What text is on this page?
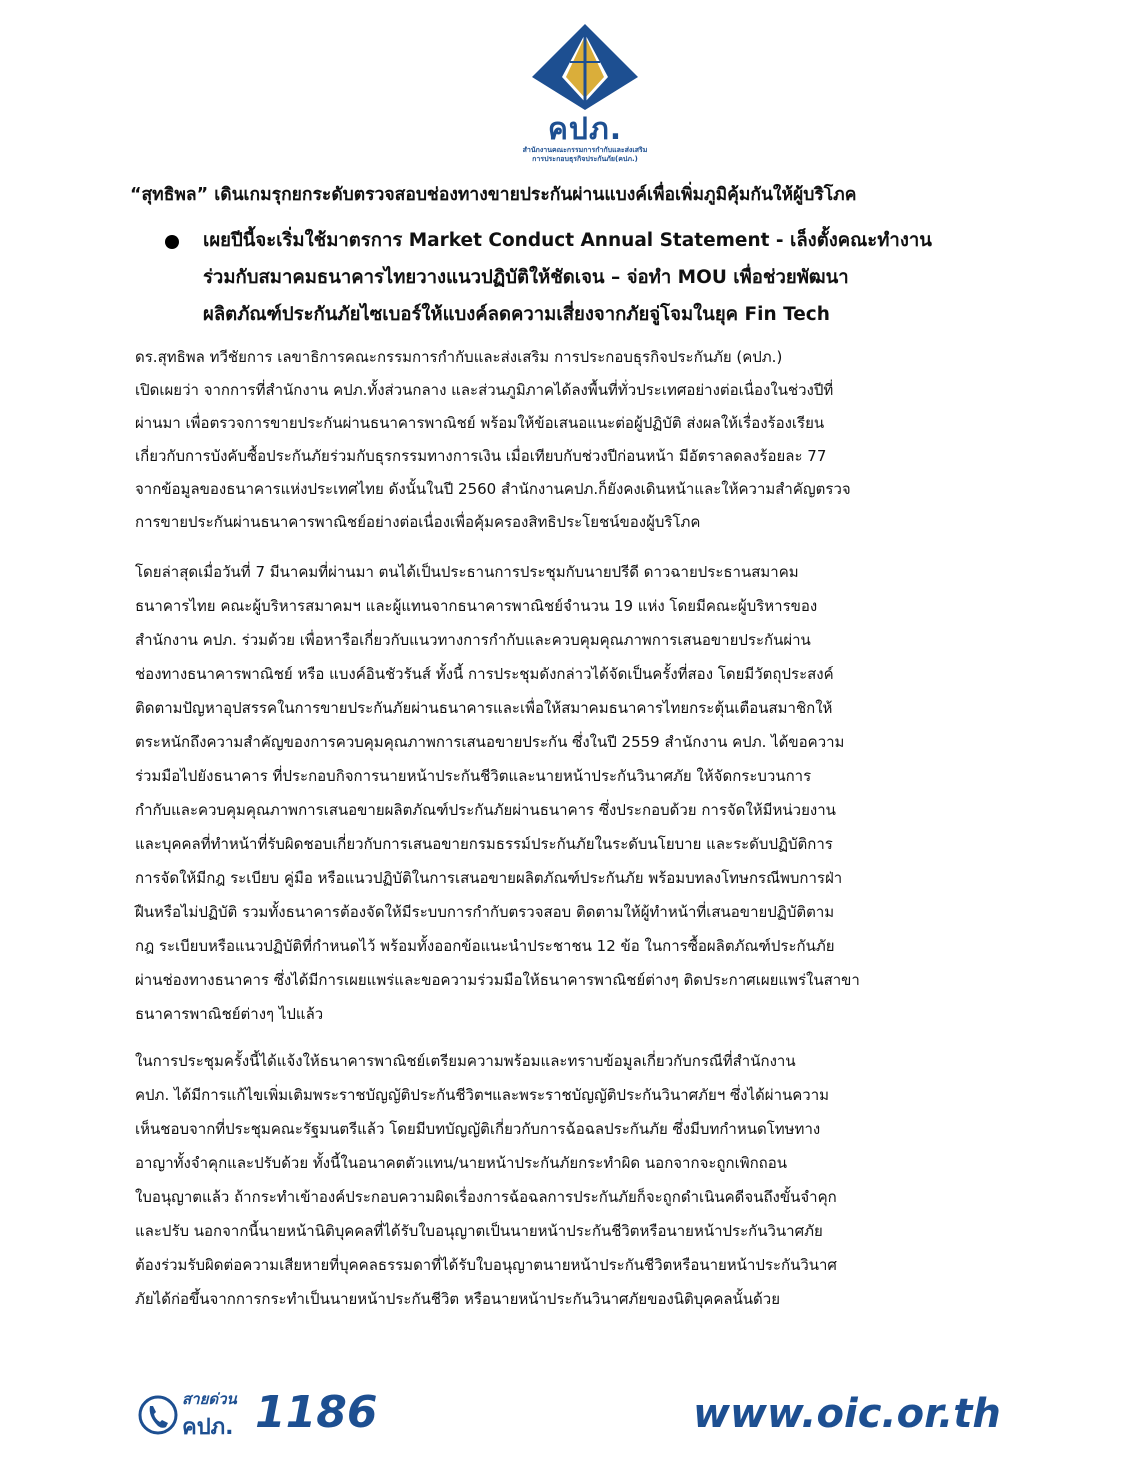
คปภ.
สำนักงานคณะกรรมการกำกับและส่งเสริม
การประกอบธุรกิจประกันภัย(คปภ.)
“สุทธิพล” เดินเกมรุกยกระดับตรวจสอบช่องทางขายประกันผ่านแบงค์เพื่อเพิ่มภูมิคุ้มกันให้ผู้บริโภค
เผยปีนี้จะเริ่มใช้มาตรการ Market Conduct Annual Statement - เล็งตั้งคณะทำงาน
ร่วมกับสมาคมธนาคารไทยวางแนวปฏิบัติให้ชัดเจน – จ่อทำ MOU เพื่อช่วยพัฒนา
ผลิตภัณฑ์ประกันภัยไซเบอร์ให้แบงค์ลดความเสี่ยงจากภัยจู่โจมในยุค Fin Tech
ดร.สุทธิพล ทวีชัยการ เลขาธิการคณะกรรมการกำกับและส่งเสริม การประกอบธุรกิจประกันภัย (คปภ.)
เปิดเผยว่า จากการที่สำนักงาน คปภ.ทั้งส่วนกลาง และส่วนภูมิภาคได้ลงพื้นที่ทั่วประเทศอย่างต่อเนื่องในช่วงปีที่
ผ่านมา เพื่อตรวจการขายประกันผ่านธนาคารพาณิชย์ พร้อมให้ข้อเสนอแนะต่อผู้ปฏิบัติ ส่งผลให้เรื่องร้องเรียน
เกี่ยวกับการบังคับซื้อประกันภัยร่วมกับธุรกรรมทางการเงิน เมื่อเทียบกับช่วงปีก่อนหน้า มีอัตราลดลงร้อยละ 77
จากข้อมูลของธนาคารแห่งประเทศไทย ดังนั้นในปี 2560 สำนักงานคปภ.ก็ยังคงเดินหน้าและให้ความสำคัญตรวจ
การขายประกันผ่านธนาคารพาณิชย์อย่างต่อเนื่องเพื่อคุ้มครองสิทธิประโยชน์ของผู้บริโภค
โดยล่าสุดเมื่อวันที่ 7 มีนาคมที่ผ่านมา ตนได้เป็นประธานการประชุมกับนายปรีดี ดาวฉายประธานสมาคม
ธนาคารไทย คณะผู้บริหารสมาคมฯ และผู้แทนจากธนาคารพาณิชย์จำนวน 19 แห่ง โดยมีคณะผู้บริหารของ
สำนักงาน คปภ. ร่วมด้วย เพื่อหารือเกี่ยวกับแนวทางการกำกับและควบคุมคุณภาพการเสนอขายประกันผ่าน
ช่องทางธนาคารพาณิชย์ หรือ แบงค์อินชัวรันส์ ทั้งนี้ การประชุมดังกล่าวได้จัดเป็นครั้งที่สอง โดยมีวัตถุประสงค์
ติดตามปัญหาอุปสรรคในการขายประกันภัยผ่านธนาคารและเพื่อให้สมาคมธนาคารไทยกระตุ้นเตือนสมาชิกให้
ตระหนักถึงความสำคัญของการควบคุมคุณภาพการเสนอขายประกัน ซึ่งในปี 2559 สำนักงาน คปภ. ได้ขอความ
ร่วมมือไปยังธนาคาร ที่ประกอบกิจการนายหน้าประกันชีวิตและนายหน้าประกันวินาศภัย ให้จัดกระบวนการ
กำกับและควบคุมคุณภาพการเสนอขายผลิตภัณฑ์ประกันภัยผ่านธนาคาร ซึ่งประกอบด้วย การจัดให้มีหน่วยงาน
และบุคคลที่ทำหน้าที่รับผิดชอบเกี่ยวกับการเสนอขายกรมธรรม์ประกันภัยในระดับนโยบาย และระดับปฏิบัติการ
การจัดให้มีกฎ ระเบียบ คู่มือ หรือแนวปฏิบัติในการเสนอขายผลิตภัณฑ์ประกันภัย พร้อมบทลงโทษกรณีพบการฝ่า
ฝืนหรือไม่ปฏิบัติ รวมทั้งธนาคารต้องจัดให้มีระบบการกำกับตรวจสอบ ติดตามให้ผู้ทำหน้าที่เสนอขายปฏิบัติตาม
กฎ ระเบียบหรือแนวปฏิบัติที่กำหนดไว้ พร้อมทั้งออกข้อแนะนำประชาชน 12 ข้อ ในการซื้อผลิตภัณฑ์ประกันภัย
ผ่านช่องทางธนาคาร ซึ่งได้มีการเผยแพร่และขอความร่วมมือให้ธนาคารพาณิชย์ต่างๆ ติดประกาศเผยแพร่ในสาขา
ธนาคารพาณิชย์ต่างๆ ไปแล้ว
ในการประชุมครั้งนี้ได้แจ้งให้ธนาคารพาณิชย์เตรียมความพร้อมและทราบข้อมูลเกี่ยวกับกรณีที่สำนักงาน
คปภ. ได้มีการแก้ไขเพิ่มเติมพระราชบัญญัติประกันชีวิตฯและพระราชบัญญัติประกันวินาศภัยฯ ซึ่งได้ผ่านความ
เห็นชอบจากที่ประชุมคณะรัฐมนตรีแล้ว โดยมีบทบัญญัติเกี่ยวกับการฉ้อฉลประกันภัย ซึ่งมีบทกำหนดโทษทาง
อาญาทั้งจำคุกและปรับด้วย ทั้งนี้ในอนาคตตัวแทน/นายหน้าประกันภัยกระทำผิด นอกจากจะถูกเพิกถอน
ใบอนุญาตแล้ว ถ้ากระทำเข้าองค์ประกอบความผิดเรื่องการฉ้อฉลการประกันภัยก็จะถูกดำเนินคดีจนถึงขั้นจำคุก
และปรับ นอกจากนี้นายหน้านิติบุคคลที่ได้รับใบอนุญาตเป็นนายหน้าประกันชีวิตหรือนายหน้าประกันวินาศภัย
ต้องร่วมรับผิดต่อความเสียหายที่บุคคลธรรมดาที่ได้รับใบอนุญาตนายหน้าประกันชีวิตหรือนายหน้าประกันวินาศ
ภัยได้ก่อขึ้นจากการกระทำเป็นนายหน้าประกันชีวิต หรือนายหน้าประกันวินาศภัยของนิติบุคคลนั้นด้วย
สายด่วน
คปภ. 1186	www.oic.or.th
